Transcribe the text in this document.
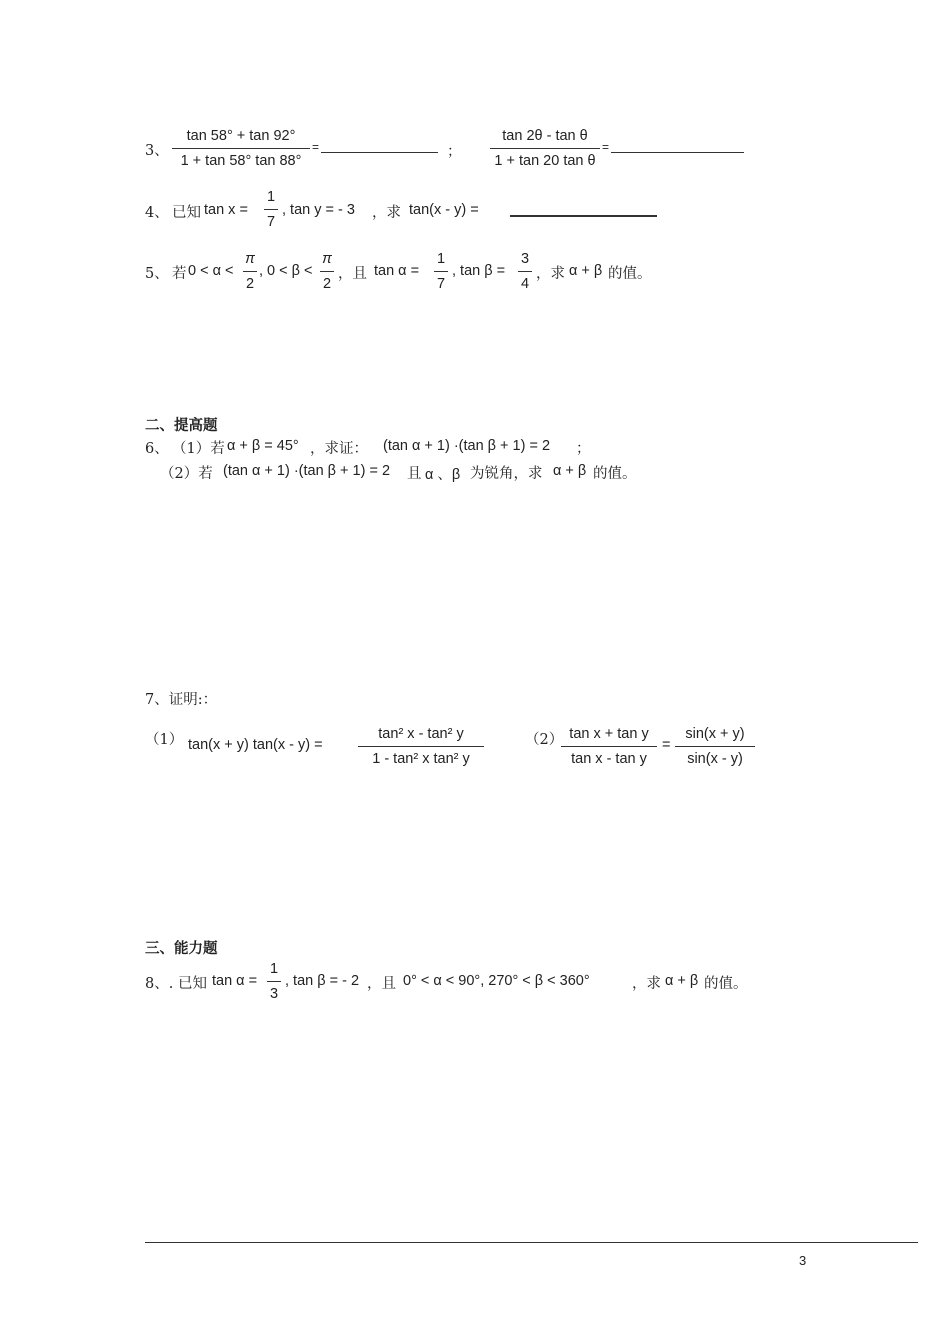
3、
tan 58° + tan 92°
1 + tan 58° tan 88°
=	；
tan 2θ - tan θ
1 + tan 20 tan θ
=
4、 已知 tan x =
1
7
, tan y = - 3 ，求 tan(x - y) =
5、 若 0 < α <
π
2
, 0 < β <
π
2
，且 tan α =
1
7
, tan β =
3
4
，求 α + β 的值。
二、提高题
6、 （1）若 α + β = 45° ，求证： (tan α + 1) ·(tan β + 1) = 2 ；
（2）若 (tan α + 1) ·(tan β + 1) = 2 且 α 、β 为锐角，求 α + β 的值。
7、证明:：
（1） tan(x + y) tan(x - y) =
tan² x - tan² y
1 - tan² x tan² y
（2） tan x + tan y
tan x - tan y
=
sin(x + y)
sin(x - y)
三、能力题
8、. 已知 tan α =
1
3
, tan β = - 2 ，且 0° < α < 90°, 270° < β < 360°	，求 α + β 的值。
3
